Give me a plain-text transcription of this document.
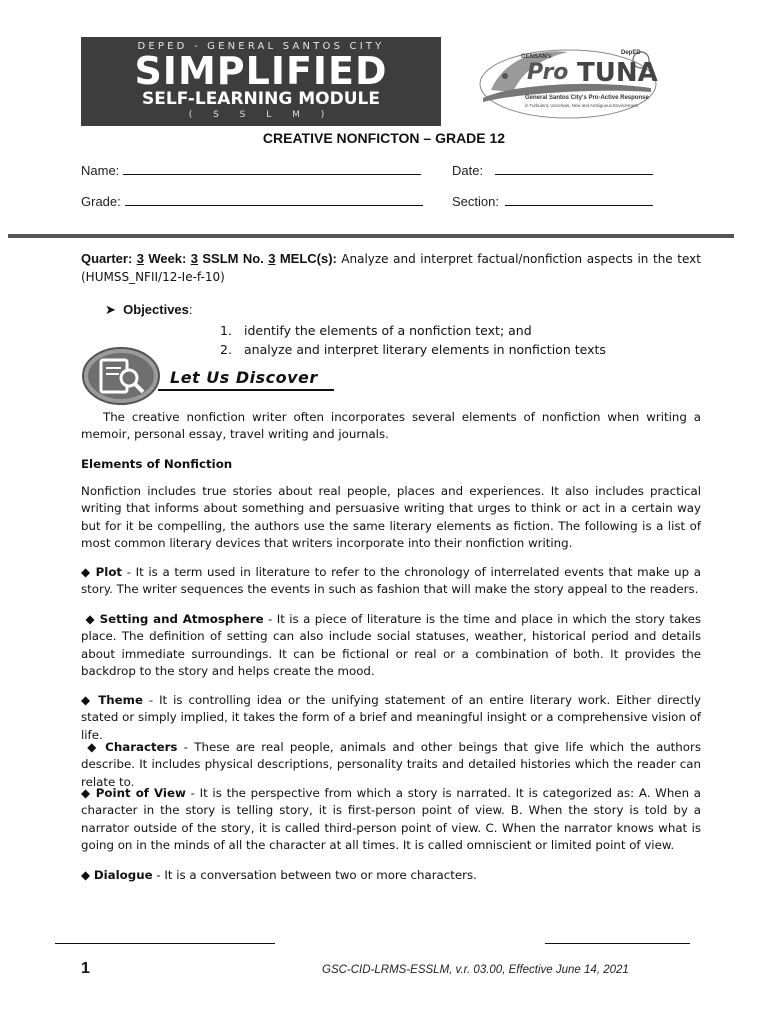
DEPED - GENERAL SANTOS CITY
SIMPLIFIED
SELF-LEARNING MODULE
( S S L M )
GENSAN's
Pro TUNA
DepED
General Santos City's Pro-Active Response
in Turbulent, Uncertain, New and Ambiguous Environment
CREATIVE NONFICTON – GRADE 12
Name:	Date:
Grade:	Section:
Quarter: 3 Week: 3 SSLM No. 3 MELC(s): Analyze and interpret factual/nonfiction aspects in the text (HUMSS_NFII/12-Ie-f-10)
➤ Objectives:
1. identify the elements of a nonfiction text; and
2. analyze and interpret literary elements in nonfiction texts
Let Us Discover
The creative nonfiction writer often incorporates several elements of nonfiction when writing a memoir, personal essay, travel writing and journals.
Elements of Nonfiction
Nonfiction includes true stories about real people, places and experiences. It also includes practical writing that informs about something and persuasive writing that urges to think or act in a certain way but for it be compelling, the authors use the same literary elements as fiction. The following is a list of most common literary devices that writers incorporate into their nonfiction writing.
◆ Plot - It is a term used in literature to refer to the chronology of interrelated events that make up a story. The writer sequences the events in such as fashion that will make the story appeal to the readers.
◆ Setting and Atmosphere - It is a piece of literature is the time and place in which the story takes place. The definition of setting can also include social statuses, weather, historical period and details about immediate surroundings. It can be fictional or real or a combination of both. It provides the backdrop to the story and helps create the mood.
◆ Theme - It is controlling idea or the unifying statement of an entire literary work. Either directly stated or simply implied, it takes the form of a brief and meaningful insight or a comprehensive vision of life.
◆ Characters - These are real people, animals and other beings that give life which the authors describe. It includes physical descriptions, personality traits and detailed histories which the reader can relate to.
◆ Point of View - It is the perspective from which a story is narrated. It is categorized as: A. When a character in the story is telling story, it is first-person point of view. B. When the story is told by a narrator outside of the story, it is called third-person point of view. C. When the narrator knows what is going on in the minds of all the character at all times. It is called omniscient or limited point of view.
◆ Dialogue - It is a conversation between two or more characters.
1	GSC-CID-LRMS-ESSLM, v.r. 03.00, Effective June 14, 2021
